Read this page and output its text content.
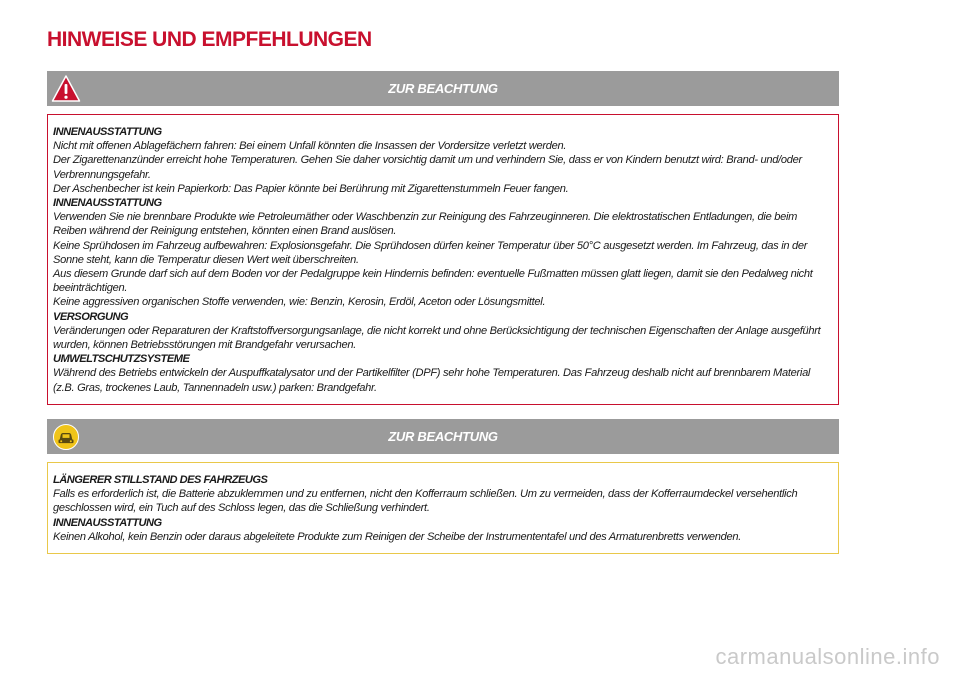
HINWEISE UND EMPFEHLUNGEN
ZUR BEACHTUNG
INNENAUSSTATTUNG
Nicht mit offenen Ablagefächern fahren: Bei einem Unfall könnten die Insassen der Vordersitze verletzt werden.
Der Zigarettenanzünder erreicht hohe Temperaturen. Gehen Sie daher vorsichtig damit um und verhindern Sie, dass er von Kindern benutzt wird: Brand- und/oder Verbrennungsgefahr.
Der Aschenbecher ist kein Papierkorb: Das Papier könnte bei Berührung mit Zigarettenstummeln Feuer fangen.
INNENAUSSTATTUNG
Verwenden Sie nie brennbare Produkte wie Petroleumäther oder Waschbenzin zur Reinigung des Fahrzeuginneren. Die elektrostatischen Entladungen, die beim Reiben während der Reinigung entstehen, könnten einen Brand auslösen.
Keine Sprühdosen im Fahrzeug aufbewahren: Explosionsgefahr. Die Sprühdosen dürfen keiner Temperatur über 50°C ausgesetzt werden. Im Fahrzeug, das in der Sonne steht, kann die Temperatur diesen Wert weit überschreiten.
Aus diesem Grunde darf sich auf dem Boden vor der Pedalgruppe kein Hindernis befinden: eventuelle Fußmatten müssen glatt liegen, damit sie den Pedalweg nicht beeinträchtigen.
Keine aggressiven organischen Stoffe verwenden, wie: Benzin, Kerosin, Erdöl, Aceton oder Lösungsmittel.
VERSORGUNG
Veränderungen oder Reparaturen der Kraftstoffversorgungsanlage, die nicht korrekt und ohne Berücksichtigung der technischen Eigenschaften der Anlage ausgeführt wurden, können Betriebsstörungen mit Brandgefahr verursachen.
UMWELTSCHUTZSYSTEME
Während des Betriebs entwickeln der Auspuffkatalysator und der Partikelfilter (DPF) sehr hohe Temperaturen. Das Fahrzeug deshalb nicht auf brennbarem Material (z.B. Gras, trockenes Laub, Tannennadeln usw.) parken: Brandgefahr.
ZUR BEACHTUNG
LÄNGERER STILLSTAND DES FAHRZEUGS
Falls es erforderlich ist, die Batterie abzuklemmen und zu entfernen, nicht den Kofferraum schließen. Um zu vermeiden, dass der Kofferraumdeckel versehentlich geschlossen wird, ein Tuch auf des Schloss legen, das die Schließung verhindert.
INNENAUSSTATTUNG
Keinen Alkohol, kein Benzin oder daraus abgeleitete Produkte zum Reinigen der Scheibe der Instrumententafel und des Armaturenbretts verwenden.
carmanualsonline.info
